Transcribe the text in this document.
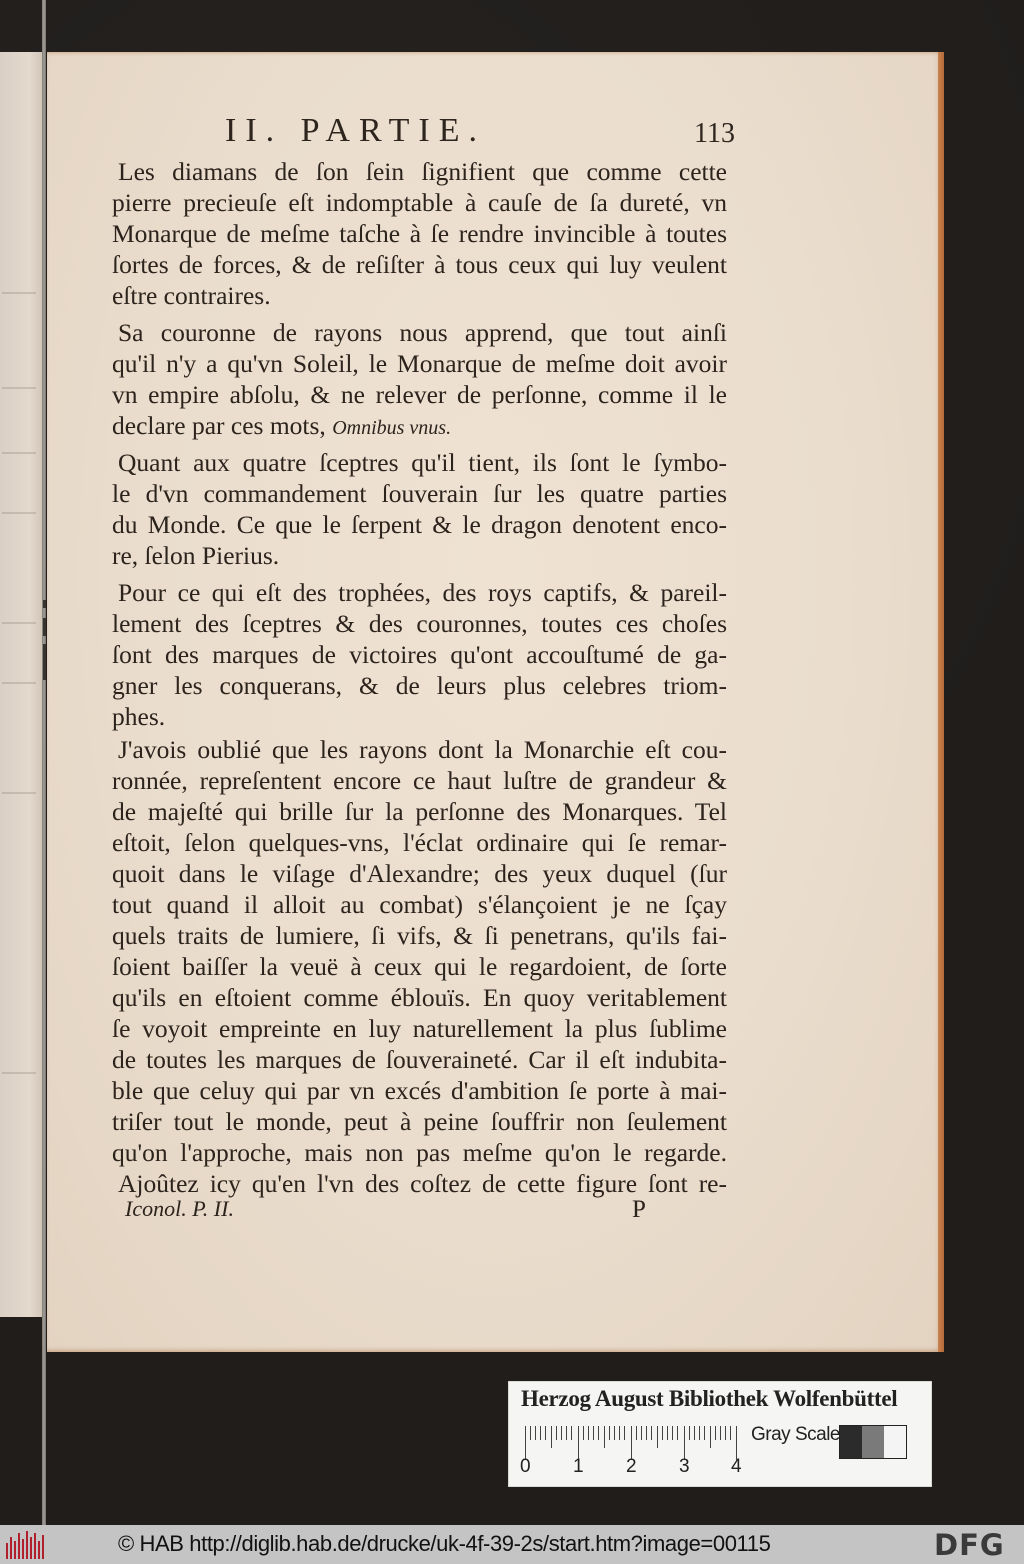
II. PARTIE.	113
Les diamans de ſon ſein ſignifient que comme cette
pierre precieuſe eſt indomptable à cauſe de ſa dureté, vn
Monarque de meſme taſche à ſe rendre invincible à toutes
ſortes de forces, & de reſiſter à tous ceux qui luy veulent
eſtre contraires.
Sa couronne de rayons nous apprend, que tout ainſi
qu'il n'y a qu'vn Soleil, le Monarque de meſme doit avoir
vn empire abſolu, & ne relever de perſonne, comme il le
declare par ces mots, Omnibus vnus.
Quant aux quatre ſceptres qu'il tient, ils ſont le ſymbo-
le d'vn commandement ſouverain ſur les quatre parties
du Monde. Ce que le ſerpent & le dragon denotent enco-
re, ſelon Pierius.
Pour ce qui eſt des trophées, des roys captifs, & pareil-
lement des ſceptres & des couronnes, toutes ces choſes
ſont des marques de victoires qu'ont accouſtumé de ga-
gner les conquerans, & de leurs plus celebres triom-
phes.
J'avois oublié que les rayons dont la Monarchie eſt cou-
ronnée, repreſentent encore ce haut luſtre de grandeur &
de majeſté qui brille ſur la perſonne des Monarques. Tel
eſtoit, ſelon quelques-vns, l'éclat ordinaire qui ſe remar-
quoit dans le viſage d'Alexandre; des yeux duquel (ſur
tout quand il alloit au combat) s'élançoient je ne ſçay
quels traits de lumiere, ſi vifs, & ſi penetrans, qu'ils fai-
ſoient baiſſer la veuë à ceux qui le regardoient, de ſorte
qu'ils en eſtoient comme éblouïs. En quoy veritablement
ſe voyoit empreinte en luy naturellement la plus ſublime
de toutes les marques de ſouveraineté. Car il eſt indubita-
ble que celuy qui par vn excés d'ambition ſe porte à mai-
triſer tout le monde, peut à peine ſouffrir non ſeulement
qu'on l'approche, mais non pas meſme qu'on le regarde.
Ajoûtez icy qu'en l'vn des coſtez de cette figure ſont re-
Iconol. P. II.	P
Herzog August Bibliothek Wolfenbüttel
0 1 2 3 4
Gray Scale
© HAB http://diglib.hab.de/drucke/uk-4f-39-2s/start.htm?image=00115	DFG
